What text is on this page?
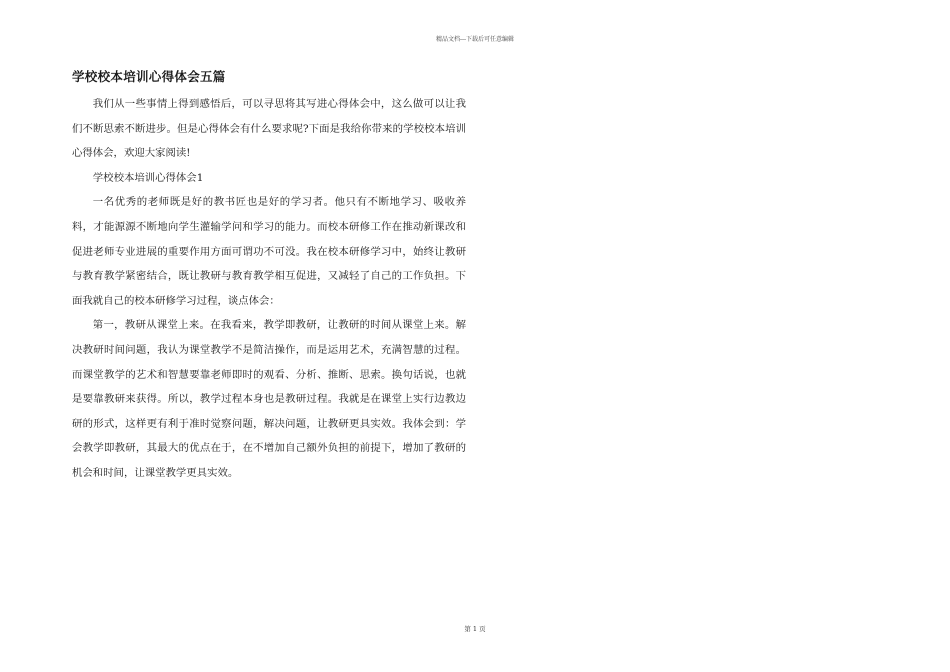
精品文档---下载后可任意编辑
学校校本培训心得体会五篇

我们从一些事情上得到感悟后，可以寻思将其写进心得体会中，这么做可以让我们不断思索不断进步。但是心得体会有什么要求呢?下面是我给你带来的学校校本培训心得体会，欢迎大家阅读!

学校校本培训心得体会1

一名优秀的老师既是好的教书匠也是好的学习者。他只有不断地学习、吸收养料，才能源源不断地向学生灌输学问和学习的能力。而校本研修工作在推动新课改和促进老师专业进展的重要作用方面可谓功不可没。我在校本研修学习中，始终让教研与教育教学紧密结合，既让教研与教育教学相互促进，又减轻了自己的工作负担。下面我就自己的校本研修学习过程，谈点体会：

第一，教研从课堂上来。在我看来，教学即教研，让教研的时间从课堂上来。解决教研时间问题，我认为课堂教学不是简洁操作，而是运用艺术，充满智慧的过程。而课堂教学的艺术和智慧要靠老师即时的观看、分析、推断、思索。换句话说，也就是要靠教研来获得。所以，教学过程本身也是教研过程。我就是在课堂上实行边教边研的形式，这样更有利于准时觉察问题，解决问题，让教研更具实效。我体会到：学会教学即教研，其最大的优点在于，在不增加自己额外负担的前提下，增加了教研的机会和时间，让课堂教学更具实效。

第 1 页
